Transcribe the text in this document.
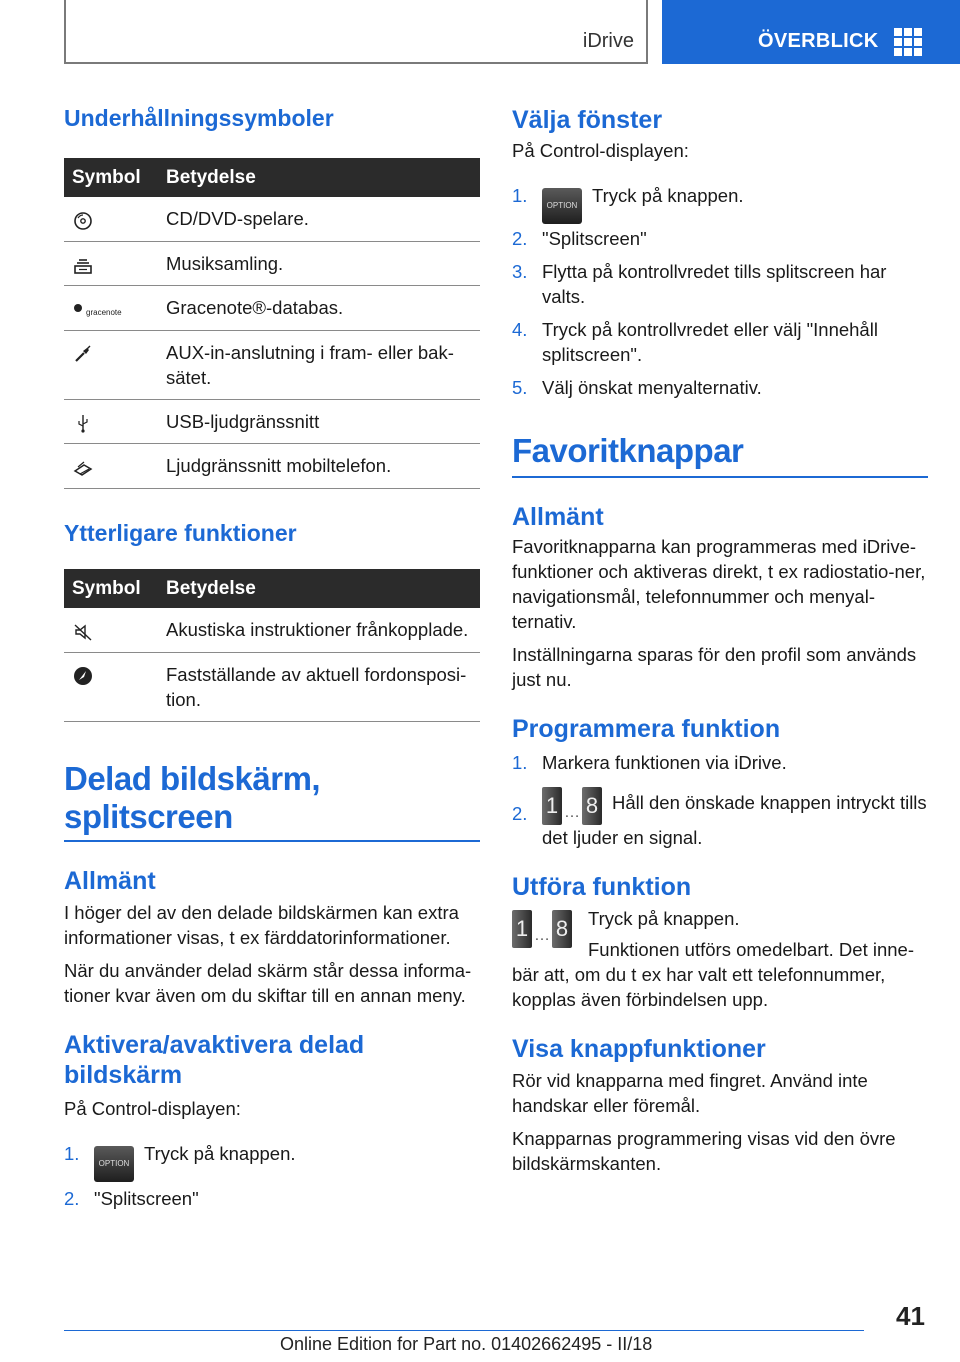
iDrive	ÖVERBLICK
Underhållningssymboler
Symbol	Betydelse
	CD/DVD-spelare.
	Musiksamling.

gracenote	Gracenote®-databas.
	AUX-in-anslutning i fram- eller bak-
sätet.
	USB-ljudgränssnitt
	Ljudgränssnitt mobiltelefon.
Ytterligare funktioner
Symbol	Betydelse
	Akustiska instruktioner frånkopplade.
	Fastställande av aktuell fordonsposi-
tion.
Delad bildskärm, splitscreen
Allmänt

I höger del av den delade bildskärmen kan extra informationer visas, t ex färddatorinformationer.

När du använder delad skärm står dessa informa-tioner kvar även om du skiftar till en annan meny.

Aktivera/avaktivera delad bildskärm

På Control-displayen:

1. OPTION Tryck på knappen.
2. "Splitscreen"
Välja fönster

På Control-displayen:

1. OPTION Tryck på knappen.
2. "Splitscreen"
3. Flytta på kontrollvredet tills splitscreen har valts.
4. Tryck på kontrollvredet eller välj "Innehåll splitscreen".
5. Välj önskat menyalternativ.
Favoritknappar
Allmänt

Favoritknapparna kan programmeras med iDrive-funktioner och aktiveras direkt, t ex radiostatio-ner, navigationsmål, telefonnummer och menyal-ternativ.

Inställningarna sparas för den profil som används just nu.

Programmera funktion
1. Markera funktionen via iDrive.
2. 1 … 8 Håll den önskade knappen intryckt tills det ljuder en signal.
Utföra funktion
1 … 8	Tryck på knappen.

Funktionen utförs omedelbart. Det inne-bär att, om du t ex har valt ett telefonnummer, kopplas även förbindelsen upp.

Visa knappfunktioner

Rör vid knapparna med fingret. Använd inte handskar eller föremål.

Knapparnas programmering visas vid den övre bildskärmskanten.

41
Online Edition for Part no. 01402662495 - II/18
